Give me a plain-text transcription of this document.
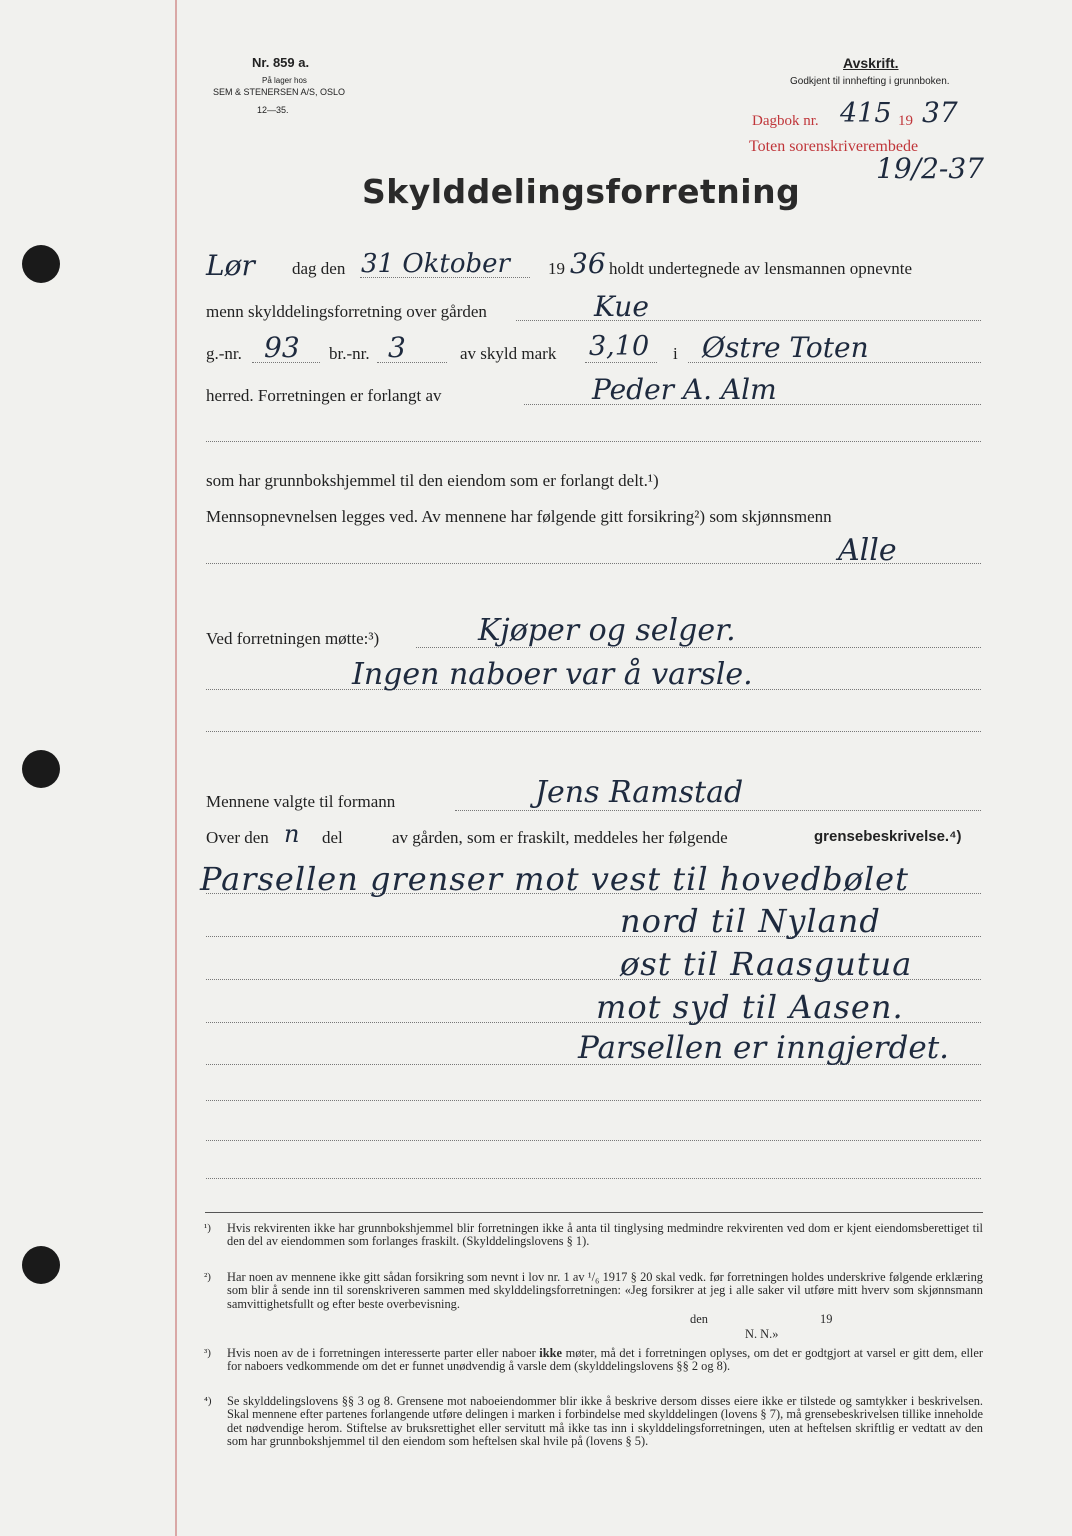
Nr. 859 a.
På lager hos
SEM & STENERSEN A/S, OSLO
12—35.
Avskrift.
Godkjent til innhefting i grunnboken.
Dagbok nr. 415 19 37
Toten sorenskriverembede
19/2-37
Skylddelingsforretning
Lør dag den 31 Oktober 19 36 holdt undertegnede av lensmannen opnevnte
menn skylddelingsforretning over gården	Kue
g.-nr. 93 br.-nr. 3	av skyld mark 3,10 i Østre Toten
herred. Forretningen er forlangt av	Peder A. Alm
som har grunnbokshjemmel til den eiendom som er forlangt delt.¹)
Mennsopnevnelsen legges ved. Av mennene har følgende gitt forsikring²) som skjønnsmenn
Alle
Ved forretningen møtte:³)	Kjøper og selger.
Ingen naboer var å varsle.
Mennene valgte til formann	Jens Ramstad
Over den n del	av gården, som er fraskilt, meddeles her følgende	grensebeskrivelse.⁴)
Parsellen grenser mot vest til hovedbølet
nord til Nyland
øst til Raasgutua
mot syd til Aasen.
Parsellen er inngjerdet.
¹) Hvis rekvirenten ikke har grunnbokshjemmel blir forretningen ikke å anta til tinglysing medmindre rekvirenten ved dom er kjent eiendomsberettiget til den del av eiendommen som forlanges fraskilt. (Skylddelingslovens § 1).

²) Har noen av mennene ikke gitt sådan forsikring som nevnt i lov nr. 1 av ¹/₆ 1917 § 20 skal vedk. før forretningen holdes underskrive følgende erklæring som blir å sende inn til sorenskriveren sammen med skylddelingsforretningen: «Jeg forsikrer at jeg i alle saker vil utføre mitt hverv som skjønnsmann samvittighetsfullt og efter beste overbevisning.

den	19
N. N.»
³) Hvis noen av de i forretningen interesserte parter eller naboer ikke møter, må det i forretningen oplyses, om det er godtgjort at varsel er gitt dem, eller for naboers vedkommende om det er funnet unødvendig å varsle dem (skylddelingslovens §§ 2 og 8).

⁴) Se skylddelingslovens §§ 3 og 8. Grensene mot naboeiendommer blir ikke å beskrive dersom disses eiere ikke er tilstede og samtykker i beskrivelsen. Skal mennene efter partenes forlangende utføre delingen i marken i forbindelse med skylddelingen (lovens § 7), må grensebeskrivelsen tillike inneholde det nødvendige herom. Stiftelse av bruksrettighet eller servitutt må ikke tas inn i skylddelingsforretningen, uten at heftelsen skriftlig er vedtatt av den som har grunnbokshjemmel til den eiendom som heftelsen skal hvile på (lovens § 5).
